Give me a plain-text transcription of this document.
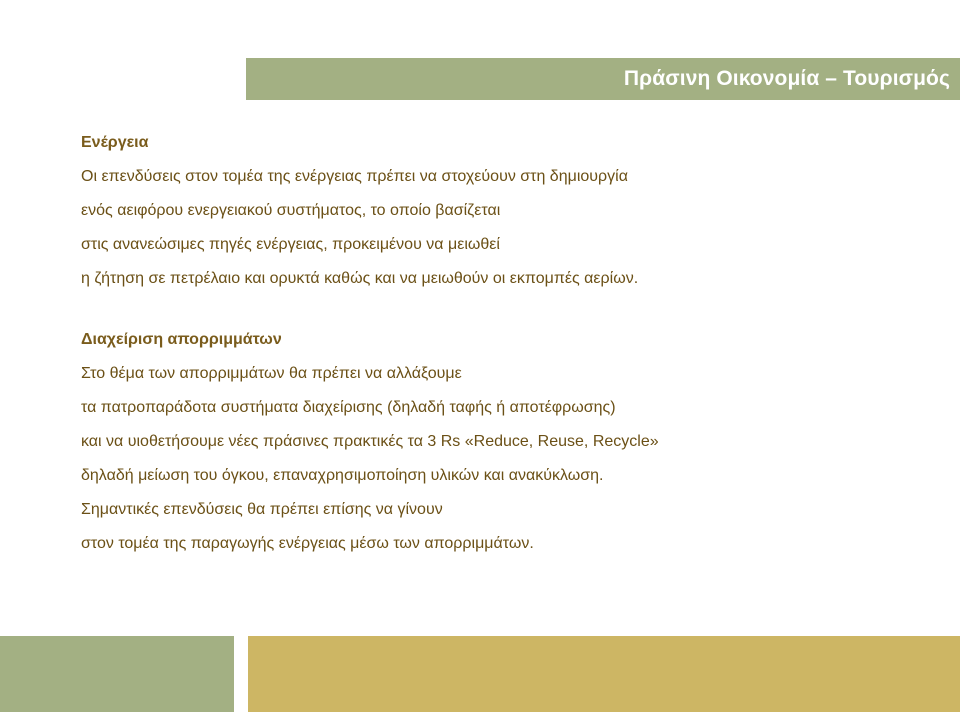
Πράσινη Οικονομία – Τουρισμός
Ενέργεια
Οι επενδύσεις στον τομέα της ενέργειας πρέπει να στοχεύουν στη δημιουργία
ενός αειφόρου ενεργειακού συστήματος, το οποίο βασίζεται
στις ανανεώσιμες πηγές ενέργειας, προκειμένου να μειωθεί
η ζήτηση σε πετρέλαιο και ορυκτά καθώς και να μειωθούν οι εκπομπές αερίων.
Διαχείριση απορριμμάτων
Στο θέμα των απορριμμάτων θα πρέπει να αλλάξουμε
τα πατροπαράδοτα συστήματα διαχείρισης (δηλαδή ταφής ή αποτέφρωσης)
και να υιοθετήσουμε νέες πράσινες πρακτικές τα 3 Rs «Reduce, Reuse, Recycle»
δηλαδή μείωση του όγκου, επαναχρησιμοποίηση υλικών και ανακύκλωση.
Σημαντικές επενδύσεις θα πρέπει επίσης να γίνουν
στον τομέα της παραγωγής ενέργειας μέσω των απορριμμάτων.
